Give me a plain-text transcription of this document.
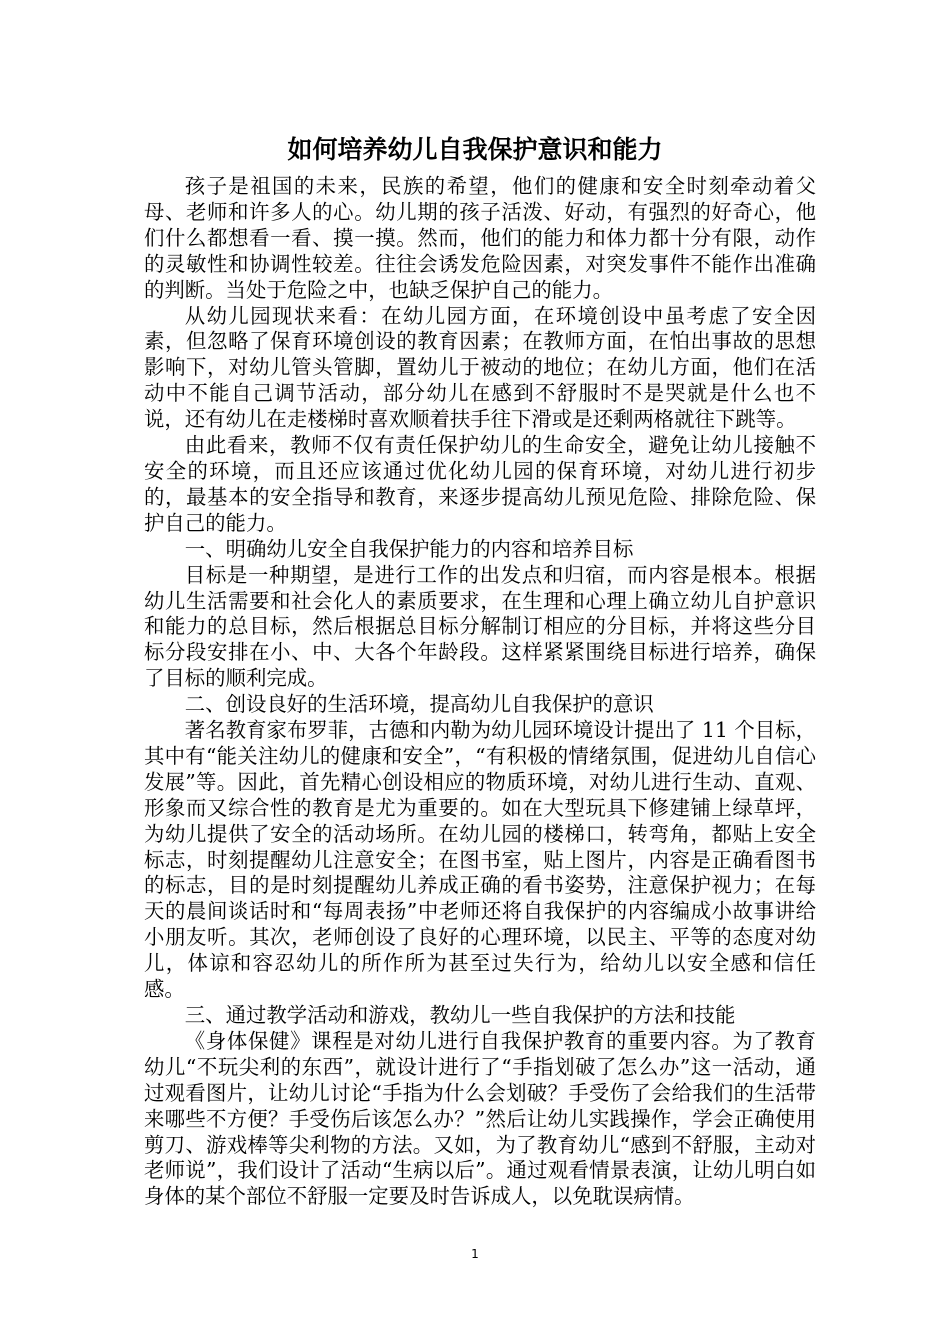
如何培养幼儿自我保护意识和能力

孩子是祖国的未来，民族的希望，他们的健康和安全时刻牵动着父母、老师和许多人的心。幼儿期的孩子活泼、好动，有强烈的好奇心，他们什么都想看一看、摸一摸。然而，他们的能力和体力都十分有限，动作的灵敏性和协调性较差。往往会诱发危险因素，对突发事件不能作出准确的判断。当处于危险之中，也缺乏保护自己的能力。

从幼儿园现状来看：在幼儿园方面，在环境创设中虽考虑了安全因素，但忽略了保育环境创设的教育因素；在教师方面，在怕出事故的思想影响下，对幼儿管头管脚，置幼儿于被动的地位；在幼儿方面，他们在活动中不能自己调节活动，部分幼儿在感到不舒服时不是哭就是什么也不说，还有幼儿在走楼梯时喜欢顺着扶手往下滑或是还剩两格就往下跳等。

由此看来，教师不仅有责任保护幼儿的生命安全，避免让幼儿接触不安全的环境，而且还应该通过优化幼儿园的保育环境，对幼儿进行初步的，最基本的安全指导和教育，来逐步提高幼儿预见危险、排除危险、保护自己的能力。

一、明确幼儿安全自我保护能力的内容和培养目标

目标是一种期望，是进行工作的出发点和归宿，而内容是根本。根据幼儿生活需要和社会化人的素质要求，在生理和心理上确立幼儿自护意识和能力的总目标，然后根据总目标分解制订相应的分目标，并将这些分目标分段安排在小、中、大各个年龄段。这样紧紧围绕目标进行培养，确保了目标的顺利完成。

二、创设良好的生活环境，提高幼儿自我保护的意识

著名教育家布罗菲，古德和内勒为幼儿园环境设计提出了 11 个目标，其中有“能关注幼儿的健康和安全”，“有积极的情绪氛围，促进幼儿自信心发展”等。因此，首先精心创设相应的物质环境，对幼儿进行生动、直观、形象而又综合性的教育是尤为重要的。如在大型玩具下修建铺上绿草坪，为幼儿提供了安全的活动场所。在幼儿园的楼梯口，转弯角，都贴上安全标志，时刻提醒幼儿注意安全；在图书室，贴上图片，内容是正确看图书的标志，目的是时刻提醒幼儿养成正确的看书姿势，注意保护视力；在每天的晨间谈话时和“每周表扬”中老师还将自我保护的内容编成小故事讲给小朋友听。其次，老师创设了良好的心理环境，以民主、平等的态度对幼儿，体谅和容忍幼儿的所作所为甚至过失行为，给幼儿以安全感和信任感。

三、通过教学活动和游戏，教幼儿一些自我保护的方法和技能

《身体保健》课程是对幼儿进行自我保护教育的重要内容。为了教育幼儿“不玩尖利的东西”，就设计进行了“手指划破了怎么办”这一活动，通过观看图片，让幼儿讨论“手指为什么会划破？手受伤了会给我们的生活带来哪些不方便？手受伤后该怎么办？”然后让幼儿实践操作，学会正确使用剪刀、游戏棒等尖利物的方法。又如，为了教育幼儿“感到不舒服，主动对老师说”，我们设计了活动“生病以后”。通过观看情景表演，让幼儿明白如身体的某个部位不舒服一定要及时告诉成人，以免耽误病情。

1
